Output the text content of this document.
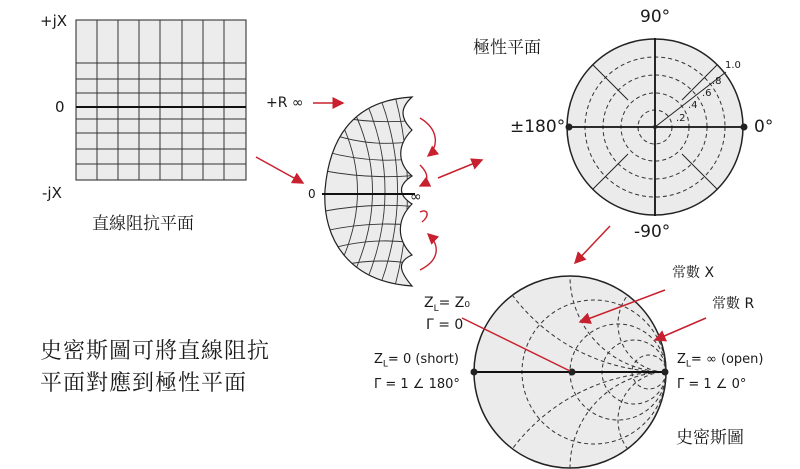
+jX
0
-jX
直線阻抗平面
+R ∞
0	∞
極性平面
90°
±180°	0°
-90°
1.0
.8
.6
.4
.2
史密斯圖
常數 X
常數 R
$Z_L= Z_0$
Γ = 0
$Z_L= 0$ (short)
Γ = 1 ∠ 180°
$Z_L=$ ∞ (open)
Γ = 1 ∠ 0°
史密斯圖可將直線阻抗
平面對應到極性平面
